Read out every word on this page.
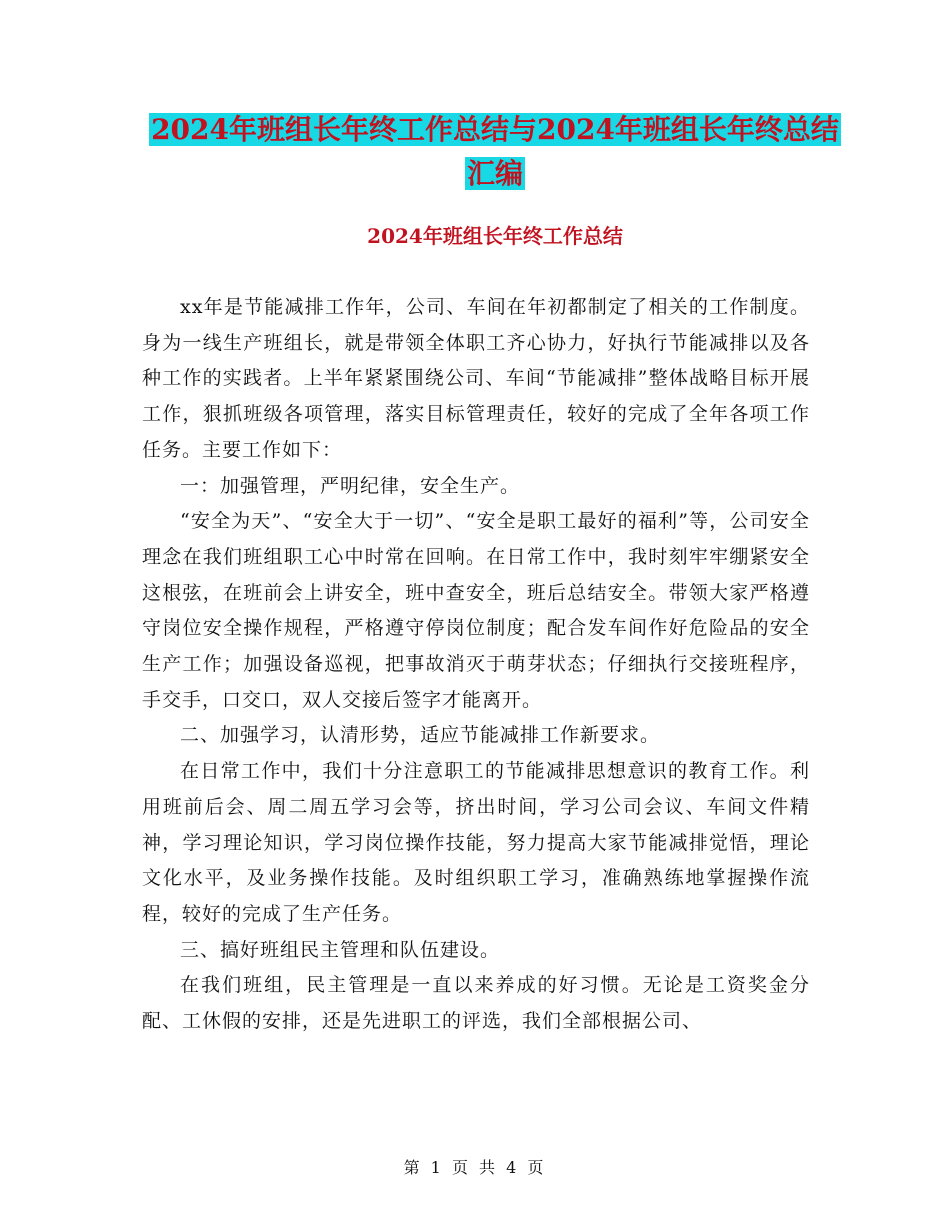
2024年班组长年终工作总结与2024年班组长年终总结
汇编
2024年班组长年终工作总结

xx年是节能减排工作年，公司、车间在年初都制定了相关的工作制度。身为一线生产班组长，就是带领全体职工齐心协力，好执行节能减排以及各种工作的实践者。上半年紧紧围绕公司、车间“节能减排”整体战略目标开展工作，狠抓班级各项管理，落实目标管理责任，较好的完成了全年各项工作任务。主要工作如下：

一：加强管理，严明纪律，安全生产。

“安全为天”、“安全大于一切”、“安全是职工最好的福利”等，公司安全理念在我们班组职工心中时常在回响。在日常工作中，我时刻牢牢绷紧安全这根弦，在班前会上讲安全，班中查安全，班后总结安全。带领大家严格遵守岗位安全操作规程，严格遵守停岗位制度；配合发车间作好危险品的安全生产工作；加强设备巡视，把事故消灭于萌芽状态；仔细执行交接班程序，手交手，口交口，双人交接后签字才能离开。

二、加强学习，认清形势，适应节能减排工作新要求。

在日常工作中，我们十分注意职工的节能减排思想意识的教育工作。利用班前后会、周二周五学习会等，挤出时间，学习公司会议、车间文件精神，学习理论知识，学习岗位操作技能，努力提高大家节能减排觉悟，理论文化水平，及业务操作技能。及时组织职工学习，准确熟练地掌握操作流程，较好的完成了生产任务。

三、搞好班组民主管理和队伍建设。

在我们班组，民主管理是一直以来养成的好习惯。无论是工资奖金分配、工休假的安排，还是先进职工的评选，我们全部根据公司、

第 1 页 共 4 页
